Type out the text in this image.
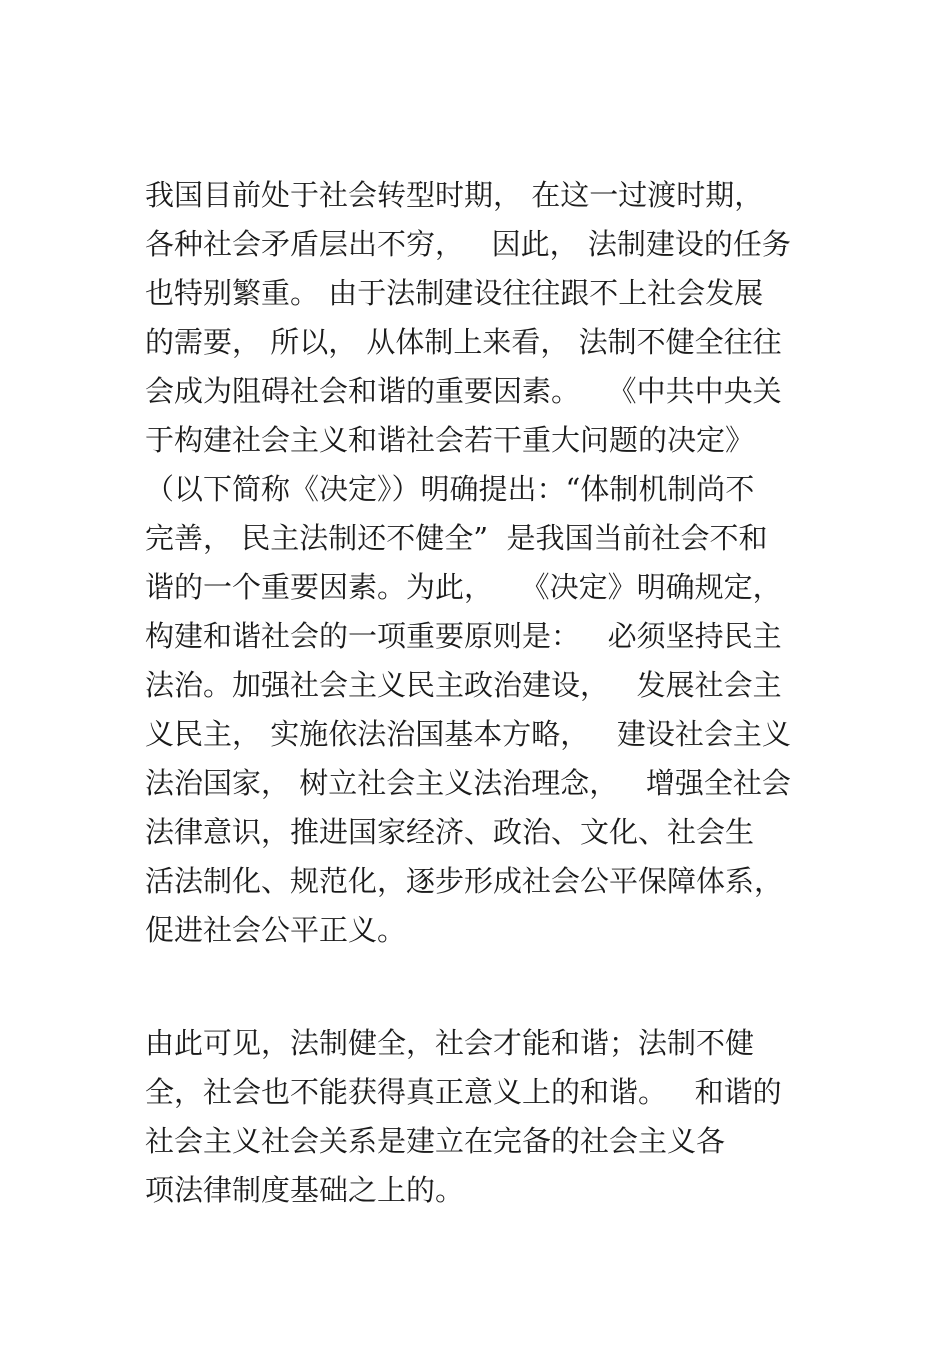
我国目前处于社会转型时期， 在这一过渡时期，
各种社会矛盾层出不穷，   因此， 法制建设的任务
也特别繁重。 由于法制建设往往跟不上社会发展
的需要， 所以， 从体制上来看， 法制不健全往往
会成为阻碍社会和谐的重要因素。   《中共中央关
于构建社会主义和谐社会若干重大问题的决定》
（以下简称《决定》）明确提出：“体制机制尚不
完善， 民主法制还不健全”  是我国当前社会不和
谐的一个重要因素。为此，   《决定》明确规定，
构建和谐社会的一项重要原则是：   必须坚持民主
法治。加强社会主义民主政治建设，   发展社会主
义民主， 实施依法治国基本方略，   建设社会主义
法治国家， 树立社会主义法治理念，   增强全社会
法律意识，推进国家经济、政治、文化、社会生
活法制化、规范化，逐步形成社会公平保障体系，
促进社会公平正义。
由此可见，法制健全，社会才能和谐；法制不健
全，社会也不能获得真正意义上的和谐。   和谐的
社会主义社会关系是建立在完备的社会主义各
项法律制度基础之上的。
